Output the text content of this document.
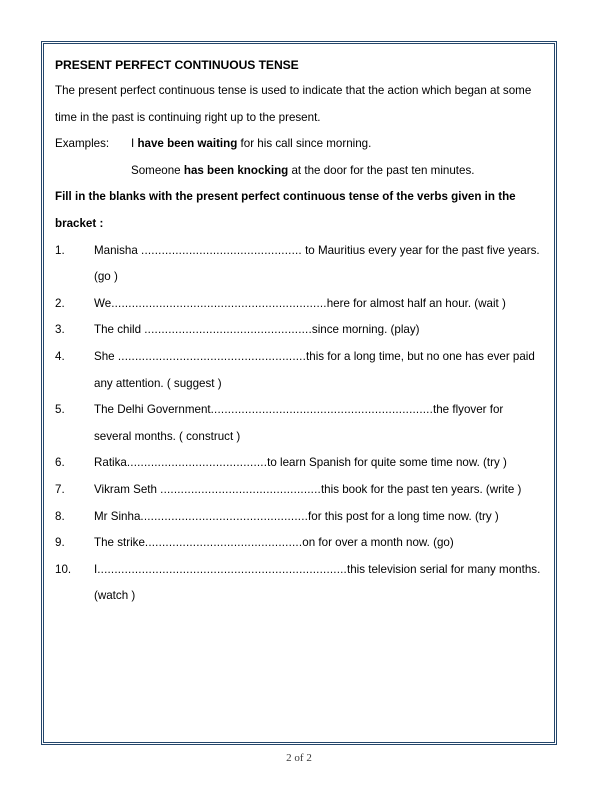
PRESENT PERFECT CONTINUOUS TENSE

The present perfect continuous tense is used to indicate that the action which began at some time in the past is continuing right up to the present.

Examples:	I have been waiting for his call since morning.
Someone has been knocking at the door for the past ten minutes.

Fill in the blanks with the present perfect continuous tense of the verbs given in the bracket :

1.	Manisha ............................................... to Mauritius every year for the past five years. (go )
2.	We...............................................................here for almost half an hour. (wait )
3.	The child .................................................since morning. (play)
4.	She .......................................................this for a long time, but no one has ever paid any attention. ( suggest )
5.	The Delhi Government.................................................................the flyover for several months. ( construct )
6.	Ratika.........................................to learn Spanish for quite some time now. (try )
7.	Vikram Seth ...............................................this book for the past ten years. (write )
8.	Mr Sinha.................................................for this post for a long time now. (try )
9.	The strike..............................................on for over a month now. (go)
10.	I.........................................................................this television serial for many months. (watch )
2 of 2
